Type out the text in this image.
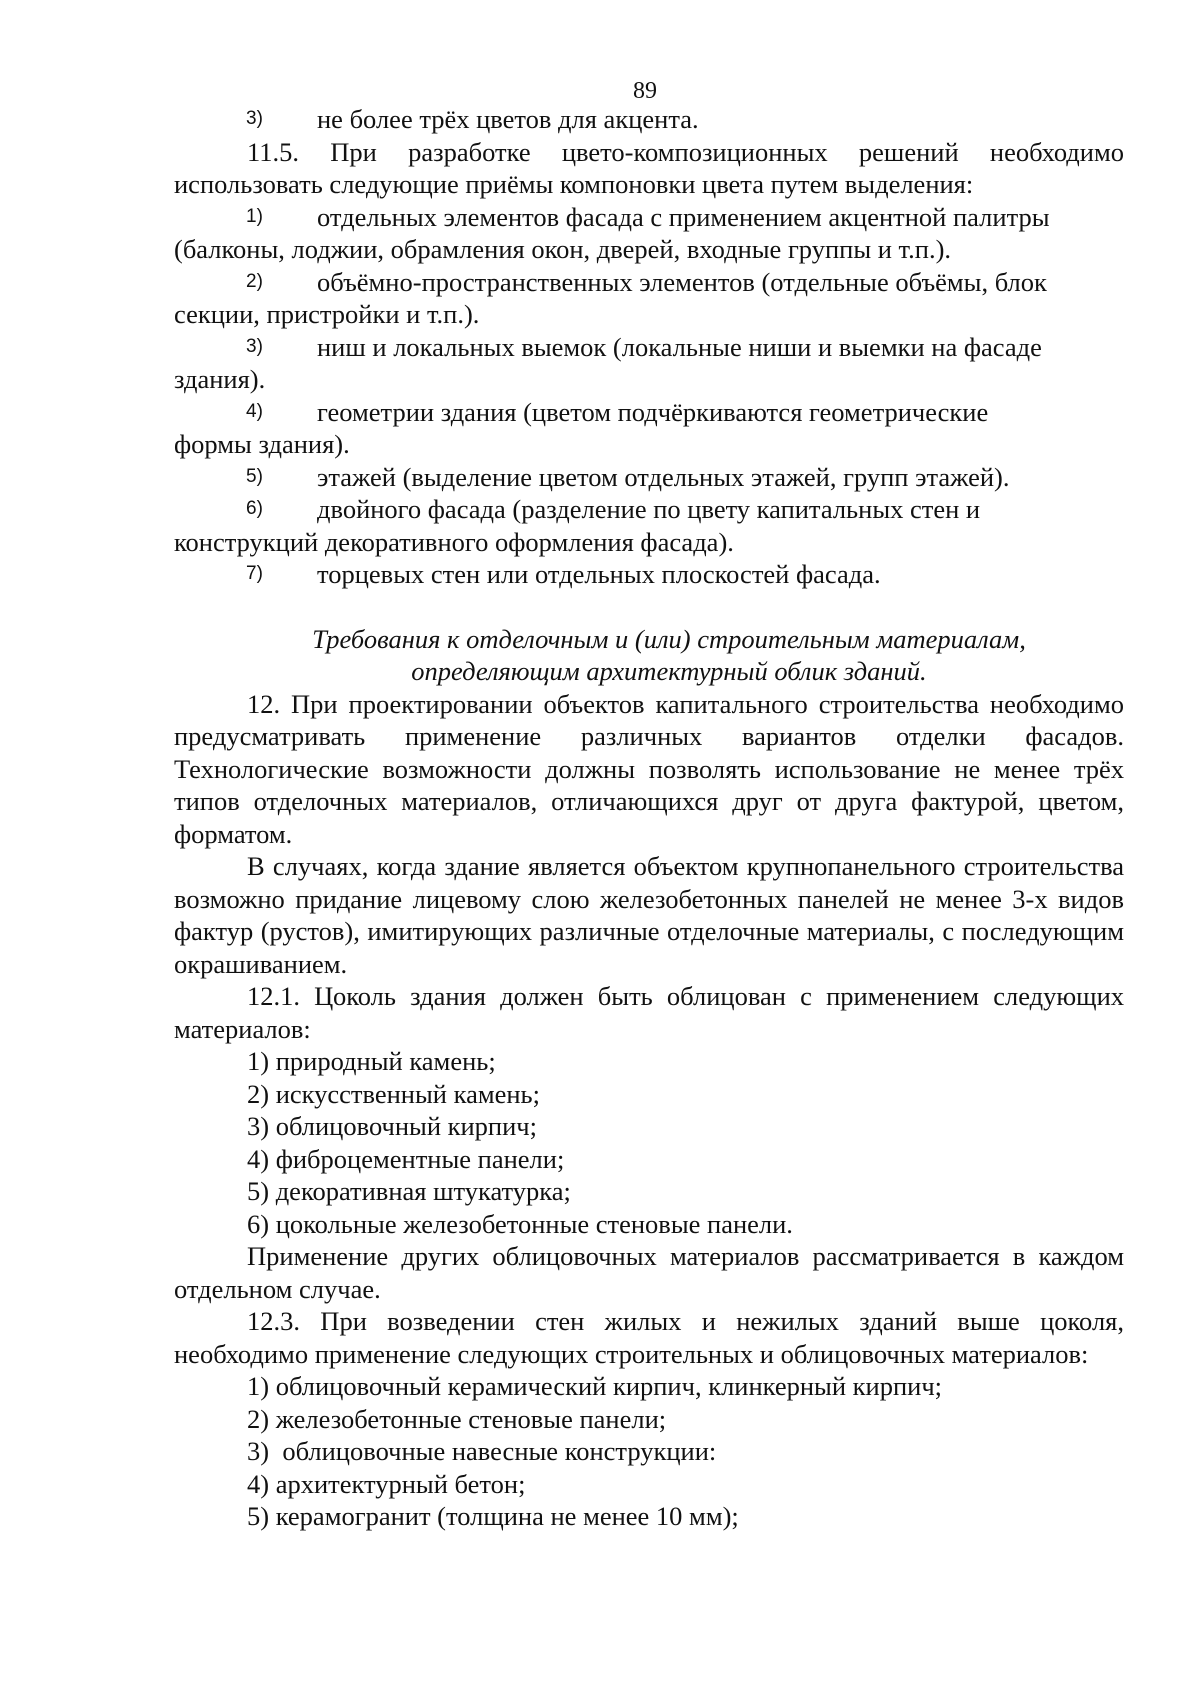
89
3)	не более трёх цветов для акцента.

11.5. При разработке цвето-композиционных решений необходимо

использовать следующие приёмы компоновки цвета путем выделения:

1)	отдельных элементов фасада с применением акцентной палитры

(балконы, лоджии, обрамления окон, дверей, входные группы и т.п.).

2)	объёмно-пространственных элементов (отдельные объёмы, блок

секции, пристройки и т.п.).

3)	ниш и локальных выемок (локальные ниши и выемки на фасаде

здания).

4)	геометрии здания (цветом подчёркиваются геометрические

формы здания).

5)	этажей (выделение цветом отдельных этажей, групп этажей).
6)	двойного фасада (разделение по цвету капитальных стен и

конструкций декоративного оформления фасада).

7)	торцевых стен или отдельных плоскостей фасада.
Требования к отделочным и (или) строительным материалам,
определяющим архитектурный облик зданий.

12. При проектировании объектов капитального строительства необходимо предусматривать применение различных вариантов отделки фасадов. Технологические возможности должны позволять использование не менее трёх типов отделочных материалов, отличающихся друг от друга фактурой, цветом, форматом.

В случаях, когда здание является объектом крупнопанельного строительства возможно придание лицевому слою железобетонных панелей не менее 3-х видов фактур (рустов), имитирующих различные отделочные материалы, с последующим окрашиванием.

12.1. Цоколь здания должен быть облицован с применением следующих материалов:

1) природный камень;
2) искусственный камень;
3) облицовочный кирпич;
4) фиброцементные панели;
5) декоративная штукатурка;
6) цокольные железобетонные стеновые панели.

Применение других облицовочных материалов рассматривается в каждом отдельном случае.

12.3. При возведении стен жилых и нежилых зданий выше цоколя, необходимо применение следующих строительных и облицовочных материалов:

1) облицовочный керамический кирпич, клинкерный кирпич;
2) железобетонные стеновые панели;
3)  облицовочные навесные конструкции:
4) архитектурный бетон;
5) керамогранит (толщина не менее 10 мм);
